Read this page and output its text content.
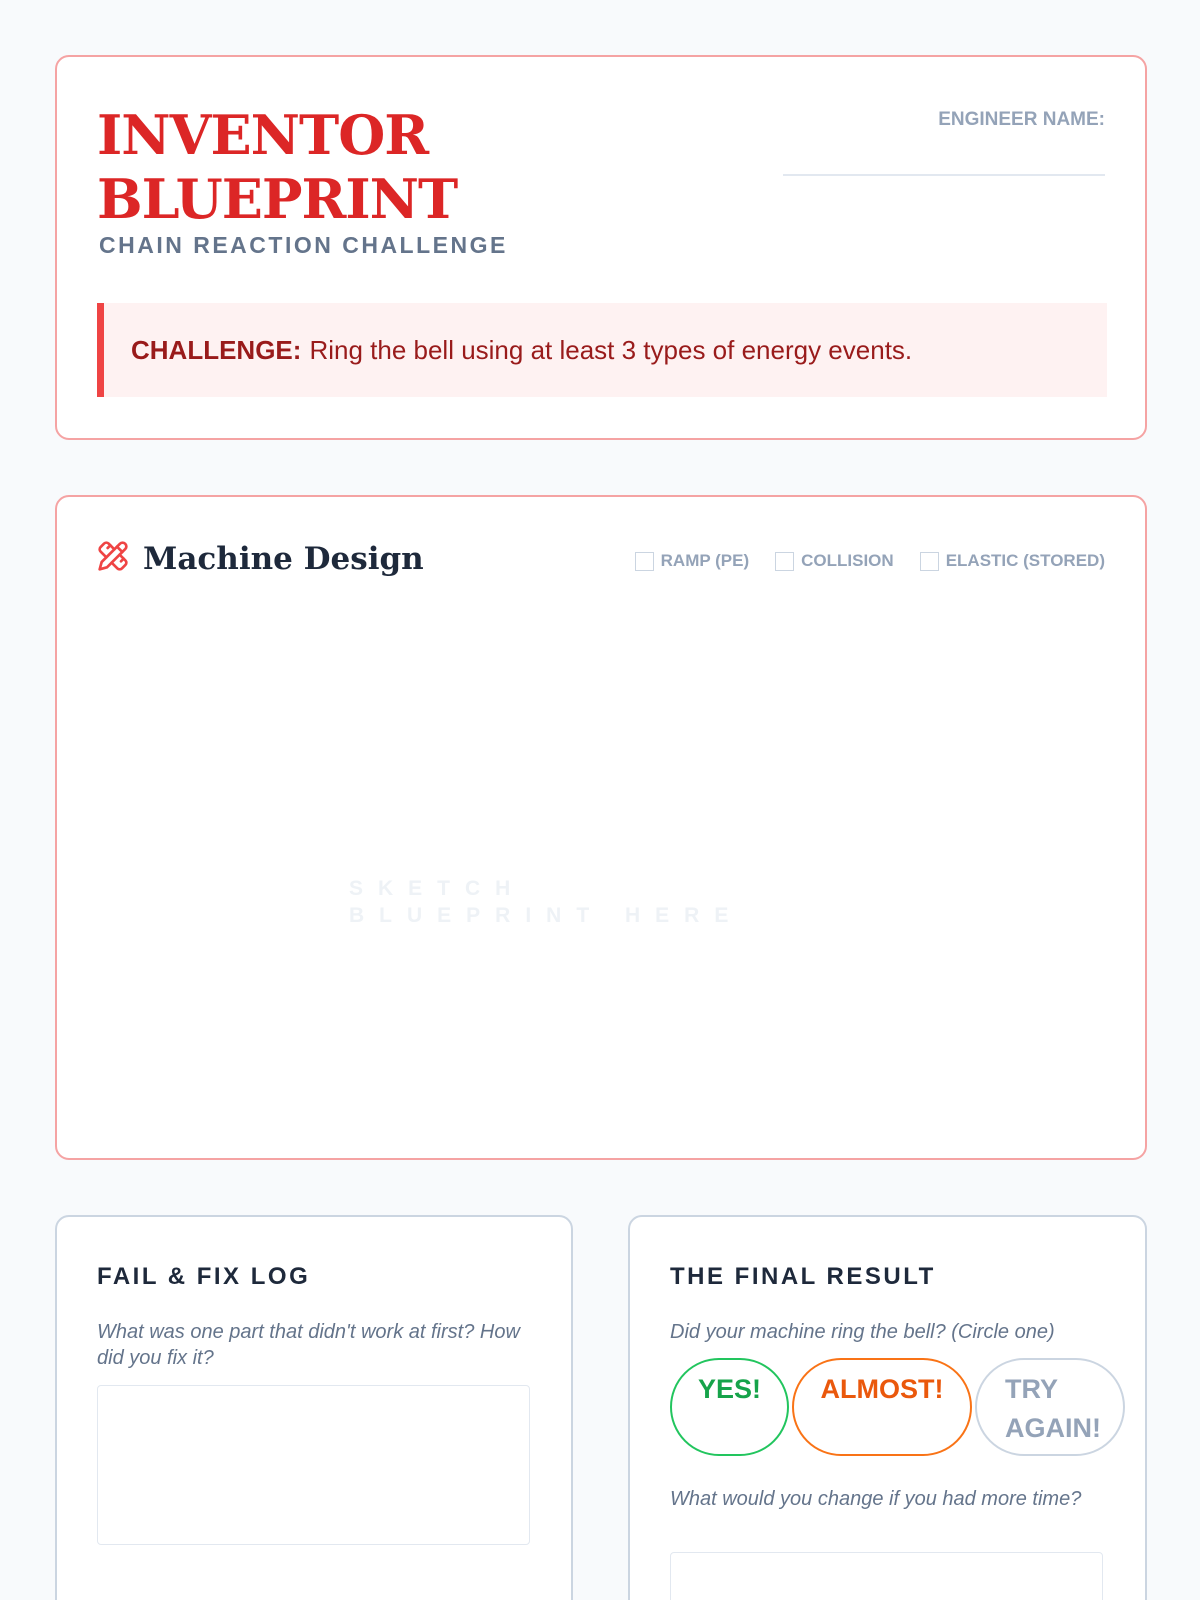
INVENTOR
BLUEPRINT
CHAIN REACTION CHALLENGE
ENGINEER NAME:
CHALLENGE: Ring the bell using at least 3 types of energy events.
Machine Design	RAMP (PE)	COLLISION	ELASTIC (STORED)
SKETCH BLUEPRINT HERE
FAIL & FIX LOG
What was one part that didn't work at first? How did you fix it?
THE FINAL RESULT
Did your machine ring the bell? (Circle one)
YES!	ALMOST!	TRY AGAIN!
What would you change if you had more time?
